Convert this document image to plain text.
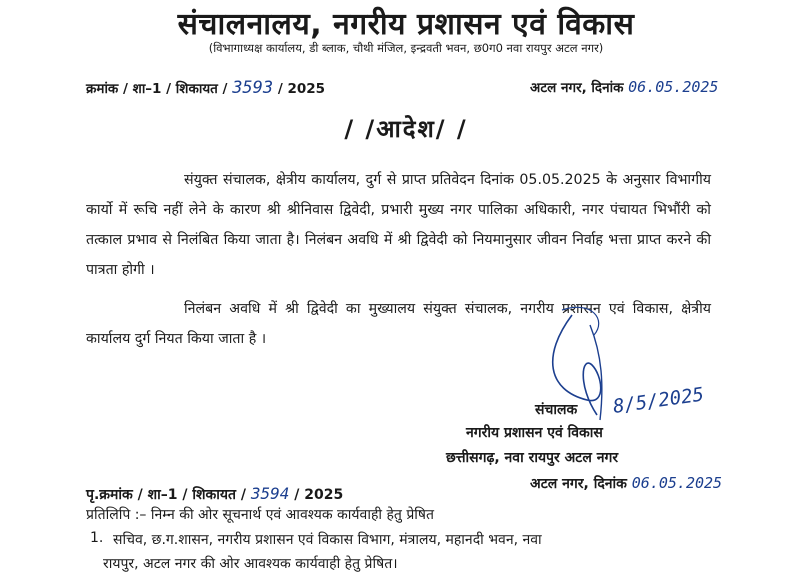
संचालनालय, नगरीय प्रशासन एवं विकास
(विभागाध्यक्ष कार्यालय, डी ब्लाक, चौथी मंजिल, इन्द्रवती भवन, छ0ग0 नवा रायपुर अटल नगर)
क्रमांक / शा–1 / शिकायत / 3593 / 2025	अटल नगर, दिनांक 06.05.2025
/ /आदेश/ /
संयुक्त संचालक, क्षेत्रीय कार्यालय, दुर्ग से प्राप्त प्रतिवेदन दिनांक 05.05.2025 के अनुसार विभागीय कार्यो में रूचि नहीं लेने के कारण श्री श्रीनिवास द्विवेदी, प्रभारी मुख्य नगर पालिका अधिकारी, नगर पंचायत भिभौंरी को तत्काल प्रभाव से निलंबित किया जाता है। निलंबन अवधि में श्री द्विवेदी को नियमानुसार जीवन निर्वाह भत्ता प्राप्त करने की पात्रता होगी ।
निलंबन अवधि में श्री द्विवेदी का मुख्यालय संयुक्त संचालक, नगरीय प्रशासन एवं विकास, क्षेत्रीय कार्यालय दुर्ग नियत किया जाता है ।
8/5/2025
संचालक
नगरीय प्रशासन एवं विकास
छत्तीसगढ़, नवा रायपुर अटल नगर
पृ.क्रमांक / शा–1 / शिकायत / 3594 / 2025
अटल नगर, दिनांक 06.05.2025
प्रतिलिपि :– निम्न की ओर सूचनार्थ एवं आवश्यक कार्यवाही हेतु प्रेषित
1. सचिव, छ.ग.शासन, नगरीय प्रशासन एवं विकास विभाग, मंत्रालय, महानदी भवन, नवा
रायपुर, अटल नगर की ओर आवश्यक कार्यवाही हेतु प्रेषित।
